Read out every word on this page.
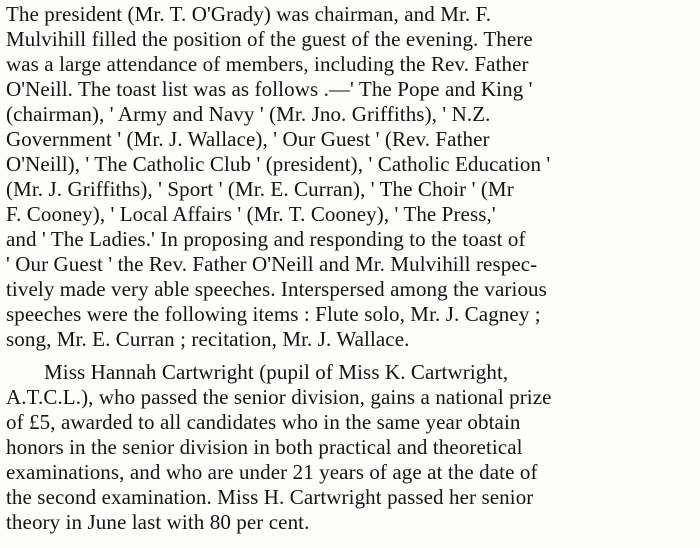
The president (Mr. T. O'Grady) was chairman, and Mr. F.
Mulvihill filled the position of the guest of the evening. There
was a large attendance of members, including the Rev. Father
O'Neill. The toast list was as follows .—' The Pope and King '
(chairman), ' Army and Navy ' (Mr. Jno. Griffiths), ' N.Z.
Government ' (Mr. J. Wallace), ' Our Guest ' (Rev. Father
O'Neill), ' The Catholic Club ' (president), ' Catholic Education '
(Mr. J. Griffiths), ' Sport ' (Mr. E. Curran), ' The Choir ' (Mr
F. Cooney), ' Local Affairs ' (Mr. T. Cooney), ' The Press,'
and ' The Ladies.' In proposing and responding to the toast of
' Our Guest ' the Rev. Father O'Neill and Mr. Mulvihill respec-
tively made very able speeches. Interspersed among the various
speeches were the following items : Flute solo, Mr. J. Cagney ;
song, Mr. E. Curran ; recitation, Mr. J. Wallace.
Miss Hannah Cartwright (pupil of Miss K. Cartwright,
A.T.C.L.), who passed the senior division, gains a national prize
of £5, awarded to all candidates who in the same year obtain
honors in the senior division in both practical and theoretical
examinations, and who are under 21 years of age at the date of
the second examination. Miss H. Cartwright passed her senior
theory in June last with 80 per cent.
